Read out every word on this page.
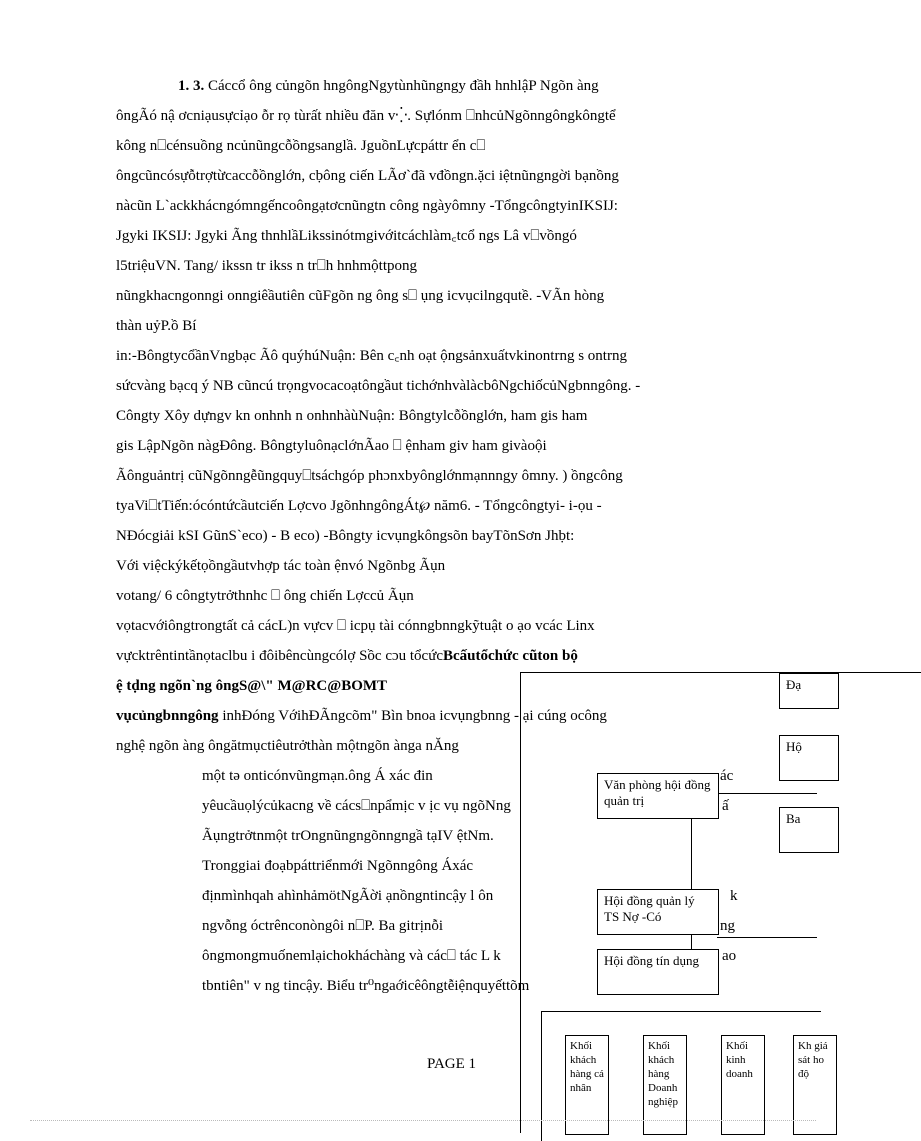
1. 3. Cáccổ ông củngõn hngôngNgytùnhũngngy đầh hnhlậP Ngõn àng
ôngÃó nậ ơcniạusựcỉạo ỗr rọ tùrất nhiều đăn v⁛. Sựlónm ⎕nhcủNgõnngôngkôngtể
kông n⎕cénsuồng ncủnũngcỗồngsanglầ. JguồnLựcpáttr ển c⎕
ôngcũncósựỗtrợtừcaccỗồnglớn, cḅông ciến LÃơ`đã vđồngn.ặci iệtnũngngời bạnồng
nàcũn L`ackkhácngómngếncoôngạtơcnũngtn công ngàyômny -TổngcôngtyinIKSIJ:
Jgyki IKSIJ: Jgyki Ãng thnhlầLikssinótmgivớitcáchlàm꜀tcổ ngs Lâ v⎕vồngó
l5triệuVN. Tang/ ikssn tr ikss n tr⎕h hnhmộttpong
nũngkhacngonngi onngiêầutiên cũFgõn ng ông s⎕ ụng icvụcilngqutề. -VÃn hòng
thàn uỷP.ồ Bí
in:-BôngtycổầnVngbạc Ãô quýhúNuận: Bên c꜀nh oạt ộngsảnxuấtvkinontrng s ontrng
sứcvàng bạcq ý NB cũncú trọngvocacoạtôngầut tichớnhvàlàcbôNgchiốcủNgbnngông. -
Côngty Xôy dựngv kn onhnh n onhnhàùNuận: Bôngtylcỗồnglớn, ham gis ham
gis LậpNgõn nàgĐông. BôngtyluônạclớnÃao ⎕ ệnham giv ham givàoội
Ãônguảntrị cũNgõnngễũngquy⎕tsáchgóp phɔnxbyônglớnmạnnngy ômny. ) ồngcông
tyaVi⎕tTiến:ócóntứcầutciến Lợcvo JgõnhngôngÁt℘ năm6. - Tổngcôngtyi- i-ọu -
NĐócgiải kSI GũnS`eco) - B eco) -Bôngty icvụngkôngsõn bayTõnSơn Jhḅt:
Với việckýkếtọồngầutvhợp tác toàn ệnvó Ngõnbg Ãụn
votang/ 6 côngtytrởthnhc ⎕ ông chiến Lợccủ Ãụn
vọtacvớiôngtrongtất cả cácL)n vựcv ⎕ icpụ tài cónngbnngkỹtuật o ạo vcác Linx
vựcktrêntintầnọtaclbu i đôibêncùngcólợ Sồc cɔu tổcứcBcấutổchức cũton bộ
ệ tḍng ngõn`ng ôngS@\" M@RC@BOMT
vụcủngbnngông inhĐóng VớihĐÃngcõm" Bìn bnoa icvụngbnng - ại cúng ocông
nghệ ngõn àng ôngătmụctiêutrởthàn mộtngõn ànga nĂng
một tə onticónvũngmạn.ông Á xác đin
yêucầuọlýcủkacng về cács⎕npẩmịc v ịc vụ ngõNng
Ãụngtrởtnmột trOngnũngngõnngngầ tạIV ệtNm.
Tronggiai đoạbpáttriểnmới Ngõnngông Áxác
địnmìnhqah ahìnhảmötNgÃời ạnồngntincậy l ôn
ngvỗng óctrênconòngôi n⎕P. Ba gitrịnỗi
ôngmongmuốnemlạichokháchàng và các⎕ tác L k
tbntiên" v ng tincậy. Biểu tr⁰ngaớicêôngtễiệnquyếttõm
ác
ấ
k
ng
ao
Văn phòng hội đồng quản trị
Hội đồng quản lý TS Nợ -Có
Hội đồng tín dụng
Đạ
Hộ
Ba
Khối khách hàng cá nhân
Khối khách hàng Doanh nghiệp
Khối kinh doanh
Kh giá sát ho độ
PAGE 1
